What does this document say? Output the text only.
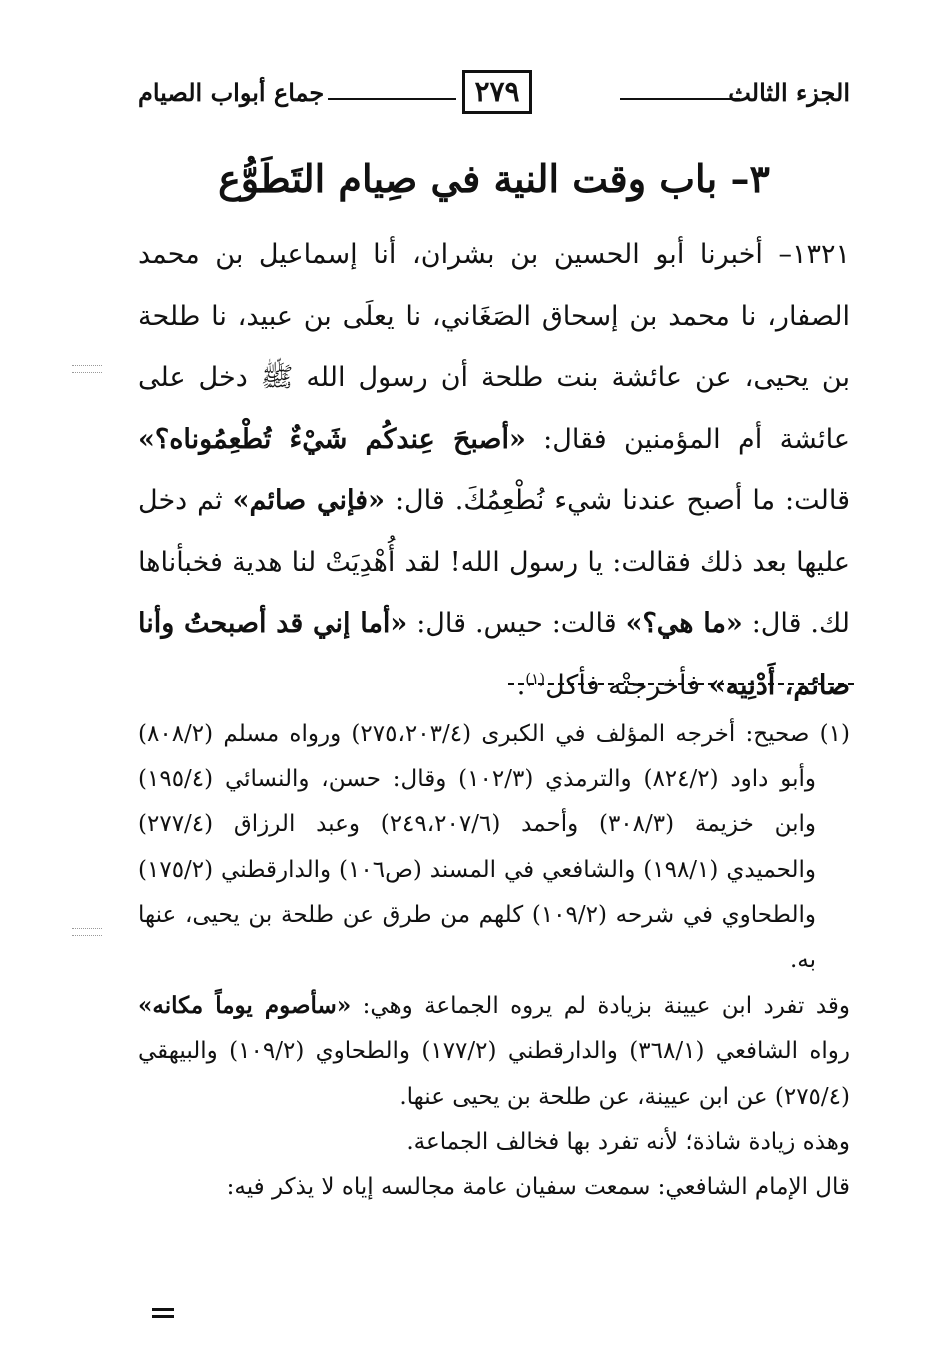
الجزء الثالث
٢٧٩
جماع أبواب الصيام
٣– باب وقت النية في صِيام التَطَوُّع
١٣٢١– أخبرنا أبو الحسين بن بشران، أنا إسماعيل بن محمد الصفار، نا محمد بن إسحاق الصَغَاني، نا يعلَى بن عبيد، نا طلحة بن يحيى، عن عائشة بنت طلحة أن رسول الله ﷺ دخل على عائشة أم المؤمنين فقال: «أصبحَ عِندكُم شَيْءٌ تُطْعِمُوناه؟» قالت: ما أصبح عندنا شيء نُطْعِمُكَ. قال: «فإني صائم» ثم دخل عليها بعد ذلك فقالت: يا رسول الله! لقد أُهْدِيَتْ لنا هدية فخبأناها لك. قال: «ما هي؟» قالت: حيس. قال: «أما إني قد أصبحتُ وأنا صائم، أَدْنِيه» فأخرجتْه فأكل$^{(١)}$.

(١) صحيح: أخرجه المؤلف في الكبرى (٢٧٥،٢٠٣/٤) ورواه مسلم (٨٠٨/٢) وأبو داود (٨٢٤/٢) والترمذي (١٠٢/٣) وقال: حسن، والنسائي (١٩٥/٤) وابن خزيمة (٣٠٨/٣) وأحمد (٢٤٩،٢٠٧/٦) وعبد الرزاق (٢٧٧/٤) والحميدي (١٩٨/١) والشافعي في المسند (ص١٠٦) والدارقطني (١٧٥/٢) والطحاوي في شرحه (١٠٩/٢) كلهم من طرق عن طلحة بن يحيى، عنها به.

وقد تفرد ابن عيينة بزيادة لم يروه الجماعة وهي: «سأصوم يوماً مكانه» رواه الشافعي (٣٦٨/١) والدارقطني (١٧٧/٢) والطحاوي (١٠٩/٢) والبيهقي (٢٧٥/٤) عن ابن عيينة، عن طلحة بن يحيى عنها.

وهذه زيادة شاذة؛ لأنه تفرد بها فخالف الجماعة.

قال الإمام الشافعي: سمعت سفيان عامة مجالسه إياه لا يذكر فيه:
